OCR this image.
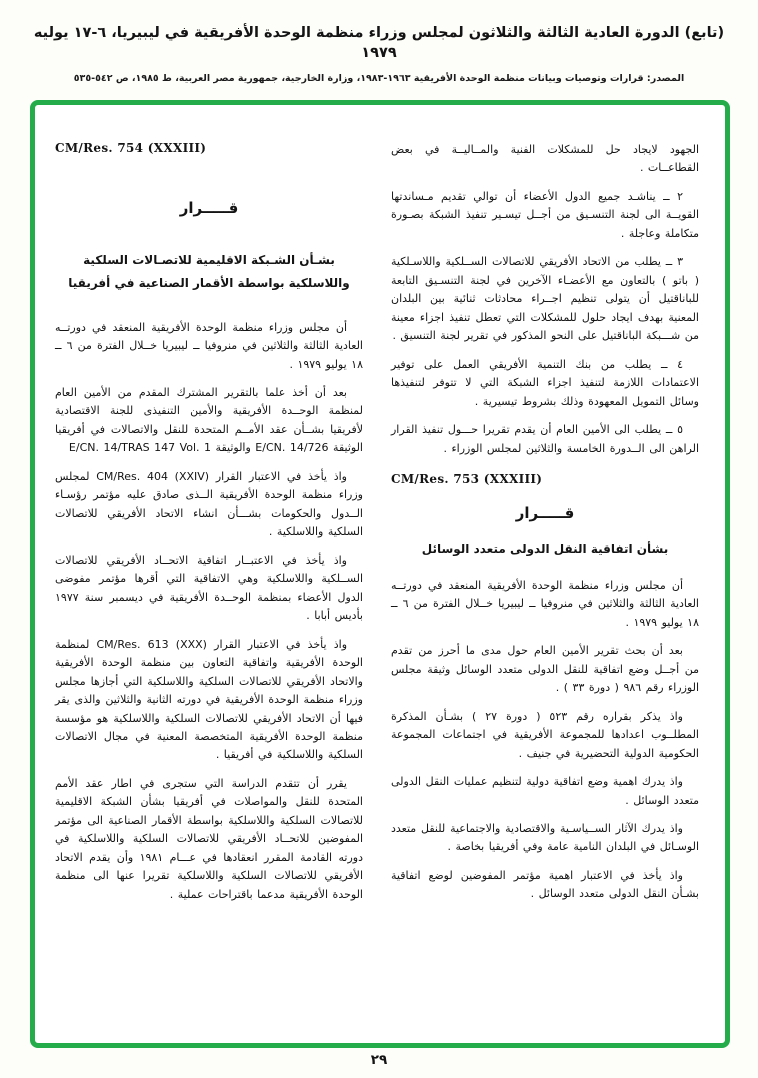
(تابع) الدورة العادية الثالثة والثلاثون لمجلس وزراء منظمة الوحدة الأفريقية في ليبيريا، ٦-١٧ يوليه ١٩٧٩
المصدر: قرارات وتوصيات وبيانات منظمة الوحدة الأفريقية ١٩٦٣-١٩٨٣، وزارة الخارجية، جمهورية مصر العربية، ط ١٩٨٥، ص ٥٤٢-٥٣٥

الجهود لايجاد حل للمشكلات الفنية والمــاليــة في بعض القطاعــات .

٢ ــ يناشـد جميع الدول الأعضاء أن توالي تقديم مـساندتها القويــة الى لجنة التنسـيق من أجــل تيسـير تنفيذ الشبكة بصـورة متكاملة وعاجلة .

٣ ــ يطلب من الاتحاد الأفريقي للاتصالات الســلكية واللاسـلكية ( باتو ) بالتعاون مع الأعضـاء الآخرين في لجنة التنسـيق التابعة للباناقتيل أن يتولى تنظيم اجــراء محادثات ثنائية بين البلدان المعنية بهدف ايجاد حلول للمشكلات التي تعطل تنفيذ اجزاء معينة من شـــبكة الباناقتيل على النحو المذكور في تقرير لجنة التنسيق .

٤ ــ يطلب من بنك التنمية الأفريقي العمل على توفير الاعتمادات اللازمة لتنفيذ اجزاء الشبكة التي لا تتوفر لتنفيذها وسائل التمويل المعهودة وذلك بشروط تيسيرية .

٥ ــ يطلب الى الأمين العام أن يقدم تقريرا حـــول تنفيذ القرار الراهن الى الــدورة الخامسة والثلاثين لمجلس الوزراء .

CM/Res. 753 (XXXIII)
قـــــرار
بشأن اتفاقية النقل الدولى متعدد الوسائل

أن مجلس وزراء منظمة الوحدة الأفريقية المنعقد في دورتــه العادية الثالثة والثلاثين في منروفيا ــ ليبيريا خــلال الفترة من ٦ ــ ١٨ يوليو ١٩٧٩ .

بعد أن بحث تقرير الأمين العام حول مدى ما أحرز من تقدم من أجــل وضع اتفاقية للنقل الدولى متعدد الوسائل وثيقة مجلس الوزراء رقم ٩٨٦ ( دورة ٣٣ ) .

واذ يذكر بقراره رقم ٥٢٣ ( دورة ٢٧ ) بشـأن المذكرة المطلــوب اعدادها للمجموعة الأفريقية في اجتماعات المجموعة الحكومية الدولية التحضيرية في جنيف .

واذ يدرك اهمية وضع اتفاقية دولية لتنظيم عمليات النقل الدولى متعدد الوسائل .

واذ يدرك الآثار الســياسـية والاقتصادية والاجتماعية للنقل متعدد الوسـائل في البلدان النامية عامة وفي أفريقيا بخاصة .

واذ يأخذ في الاعتبار اهمية مؤتمر المفوضين لوضع اتفاقية بشـأن النقل الدولى متعدد الوسائل .

CM/Res. 754 (XXXIII)
قـــــرار
بشـأن الشـبكة الاقليمية للاتصـالات السلكية واللاسلكية بواسطة الأقمار الصناعية في أفريقيا

أن مجلس وزراء منظمة الوحدة الأفريقية المنعقد في دورتــه العادية الثالثة والثلاثين في منروفيا ــ ليبيريا خــلال الفترة من ٦ ــ ١٨ يوليو ١٩٧٩ .

بعد أن أخذ علما بالتقرير المشترك المقدم من الأمين العام لمنظمة الوحــدة الأفريقية والأمين التنفيذى للجنة الاقتصادية لأفريقيا بشــأن عقد الأمــم المتحدة للنقل والاتصالات في أفريقيا الوثيقة E/CN. 14/726 والوثيقة E/CN. 14/TRAS 147 Vol. 1

واذ يأخذ في الاعتبار القرار CM/Res. 404 (XXIV) لمجلس وزراء منظمة الوحدة الأفريقية الــذى صادق عليه مؤتمر رؤسـاء الــدول والحكومات بشـــأن انشاء الاتحاد الأفريقي للاتصالات السلكية واللاسلكية .

واذ يأخذ في الاعتبــار اتفاقية الاتحــاد الأفريقي للاتصالات الســلكية واللاسلكية وهي الاتفاقية التي أقرها مؤتمر مفوضى الدول الأعضاء بمنظمة الوحــدة الأفريقية في ديسمبر سنة ١٩٧٧ بأديس أبابا .

واذ يأخذ في الاعتبار القرار CM/Res. 613 (XXX) لمنظمة الوحدة الأفريقية واتفاقية التعاون بين منظمة الوحدة الأفريقية والاتحاد الأفريقي للاتصالات السلكية واللاسلكية التي أجازها مجلس وزراء منظمة الوحدة الأفريقية في دورته الثانية والثلاثين والذى يقر فيها أن الاتحاد الأفريقي للاتصالات السلكية واللاسلكية هو مؤسسة منظمة الوحدة الأفريقية المتخصصة المعنية في مجال الاتصالات السلكية واللاسلكية في أفريقيا .

يقرر أن تتقدم الدراسة التي ستجرى في اطار عقد الأمم المتحدة للنقل والمواصلات في أفريقيا بشأن الشبكة الاقليمية للاتصالات السلكية واللاسلكية بواسطة الأقمار الصناعية الى مؤتمر المفوضين للاتحــاد الأفريقي للاتصالات السلكية واللاسلكية في دورته القادمة المقرر انعقادها في عـــام ١٩٨١ وأن يقدم الاتحاد الأفريقي للاتصالات السلكية واللاسلكية تقريرا عنها الى منظمة الوحدة الأفريقية مدعما باقتراحات عملية .

٢٩
